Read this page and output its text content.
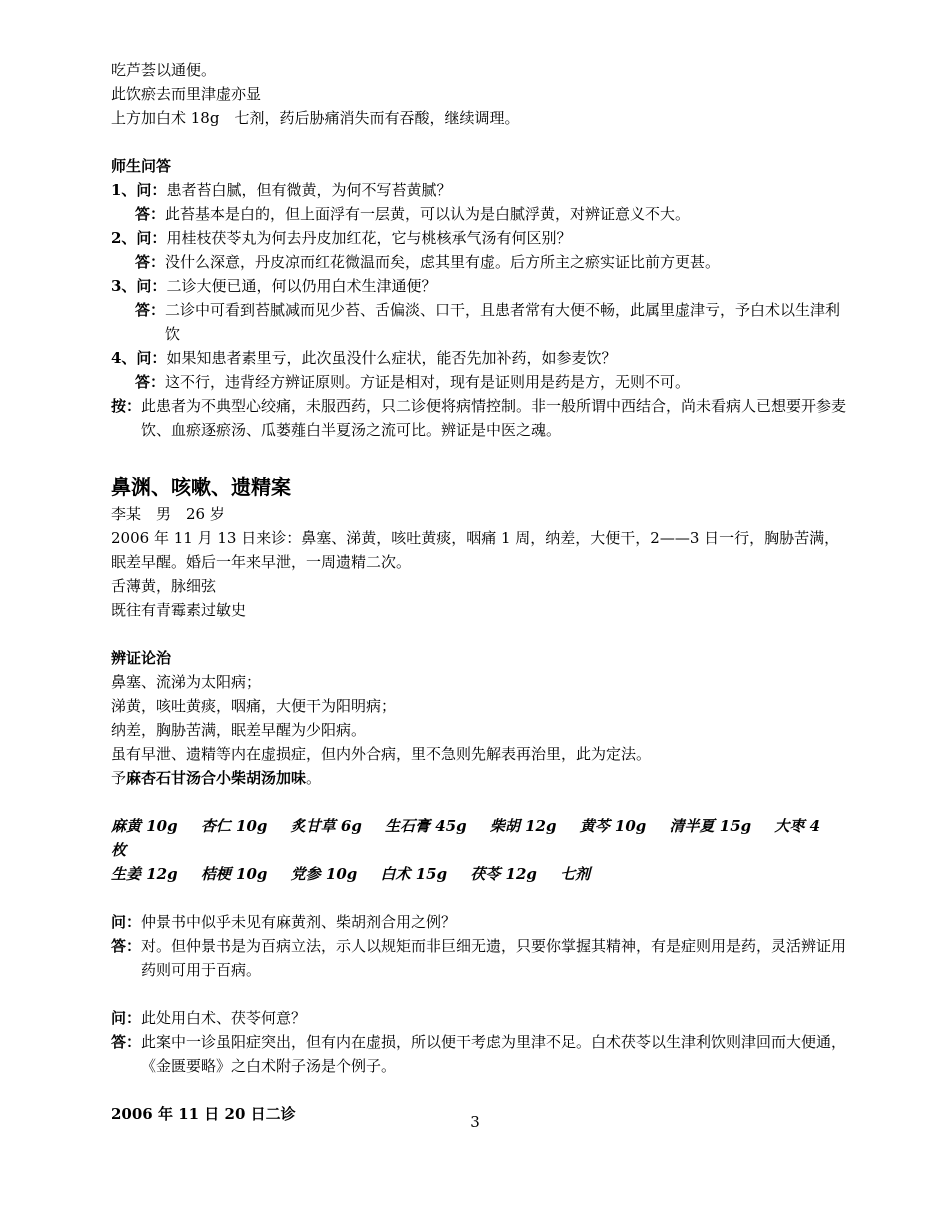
吃芦荟以通便。
此饮瘀去而里津虚亦显
上方加白术 18g　七剂，药后胁痛消失而有吞酸，继续调理。
师生问答
1、问： 患者苔白腻，但有微黄，为何不写苔黄腻？
答： 此苔基本是白的，但上面浮有一层黄，可以认为是白腻浮黄，对辨证意义不大。
2、问： 用桂枝茯苓丸为何去丹皮加红花，它与桃核承气汤有何区别？
答： 没什么深意，丹皮凉而红花微温而矣，虑其里有虚。后方所主之瘀实证比前方更甚。
3、问： 二诊大便已通，何以仍用白术生津通便？
答： 二诊中可看到苔腻减而见少苔、舌偏淡、口干，且患者常有大便不畅，此属里虚津亏，予白术以生津利饮
4、问： 如果知患者素里亏，此次虽没什么症状，能否先加补药，如参麦饮？
答： 这不行，违背经方辨证原则。方证是相对，现有是证则用是药是方，无则不可。
按： 此患者为不典型心绞痛，未服西药，只二诊便将病情控制。非一般所谓中西结合，尚未看病人已想要开参麦饮、血瘀逐瘀汤、瓜蒌薤白半夏汤之流可比。辨证是中医之魂。
鼻渊、咳嗽、遗精案
李某　男　26 岁
2006 年 11 月 13 日来诊：鼻塞、涕黄，咳吐黄痰，咽痛 1 周，纳差，大便干，2——3 日一行，胸胁苦满，眠差早醒。婚后一年来早泄，一周遗精二次。
舌薄黄，脉细弦
既往有青霉素过敏史
辨证论治
鼻塞、流涕为太阳病；
涕黄，咳吐黄痰，咽痛，大便干为阳明病；
纳差，胸胁苦满，眠差早醒为少阳病。
虽有早泄、遗精等内在虚损症，但内外合病，里不急则先解表再治里，此为定法。
予麻杏石甘汤合小柴胡汤加味。
麻黄 10g 杏仁 10g 炙甘草 6g 生石膏 45g 柴胡 12g 黄芩 10g 清半夏 15g 大枣 4 枚
生姜 12g 桔梗 10g 党参 10g 白术 15g 茯苓 12g 七剂
问： 仲景书中似乎未见有麻黄剂、柴胡剂合用之例？
答： 对。但仲景书是为百病立法，示人以规矩而非巨细无遗，只要你掌握其精神，有是症则用是药，灵活辨证用药则可用于百病。
问： 此处用白术、茯苓何意？
答： 此案中一诊虽阳症突出，但有内在虚损，所以便干考虑为里津不足。白术茯苓以生津利饮则津回而大便通，《金匮要略》之白术附子汤是个例子。
2006 年 11 日 20 日二诊	3
